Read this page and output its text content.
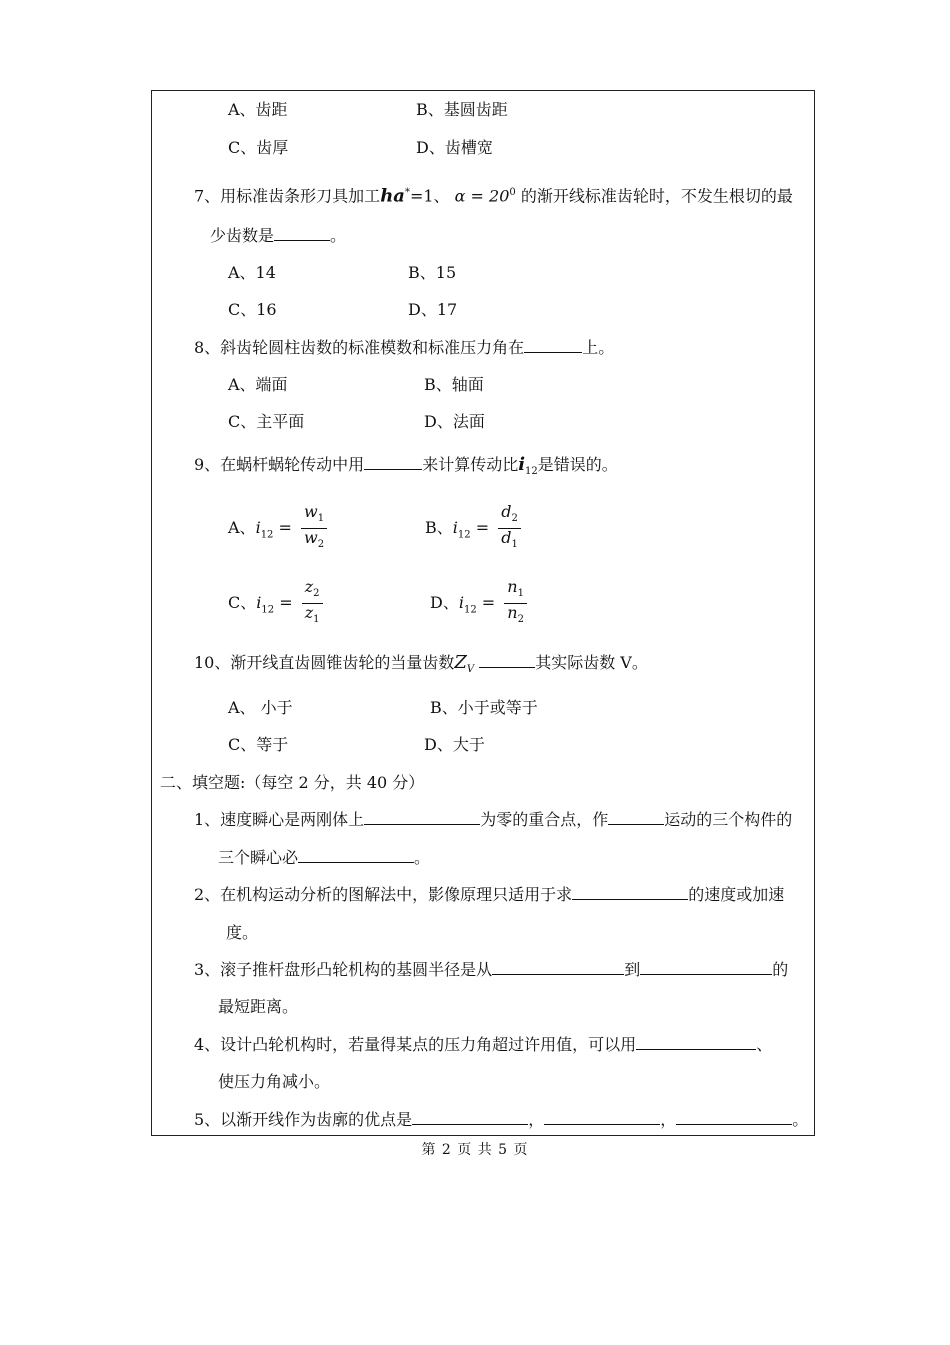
A、齿距	B、基圆齿距
C、齿厚	D、齿槽宽
7、用标准齿条形刀具加工ha*=1、 $\alpha = 20^0$ 的渐开线标准齿轮时，不发生根切的最
少齿数是	。
A、14	B、15
C、16	D、17
8、斜齿轮圆柱齿数的标准模数和标准压力角在	上。
A、端面	B、轴面
C、主平面	D、法面
9、在蜗杆蜗轮传动中用	来计算传动比$i_{12}$是错误的。
A、$i_{12} = \frac{w_1}{w_2}$	B、$i_{12} = \frac{d_2}{d_1}$
C、$i_{12} = \frac{z_2}{z_1}$	D、$i_{12} = \frac{n_1}{n_2}$
10、渐开线直齿圆锥齿轮的当量齿数$Z_V$	其实际齿数 V。
A、 小于	B、小于或等于
C、等于	D、大于
二、填空题:（每空 2 分，共 40 分）
1、速度瞬心是两刚体上	为零的重合点，作	运动的三个构件的
三个瞬心必	。
2、在机构运动分析的图解法中，影像原理只适用于求	的速度或加速
度。
3、滚子推杆盘形凸轮机构的基圆半径是从	到	的
最短距离。
4、设计凸轮机构时，若量得某点的压力角超过许用值，可以用	、
使压力角减小。
5、以渐开线作为齿廓的优点是	，	，	。
第 2 页 共 5 页
